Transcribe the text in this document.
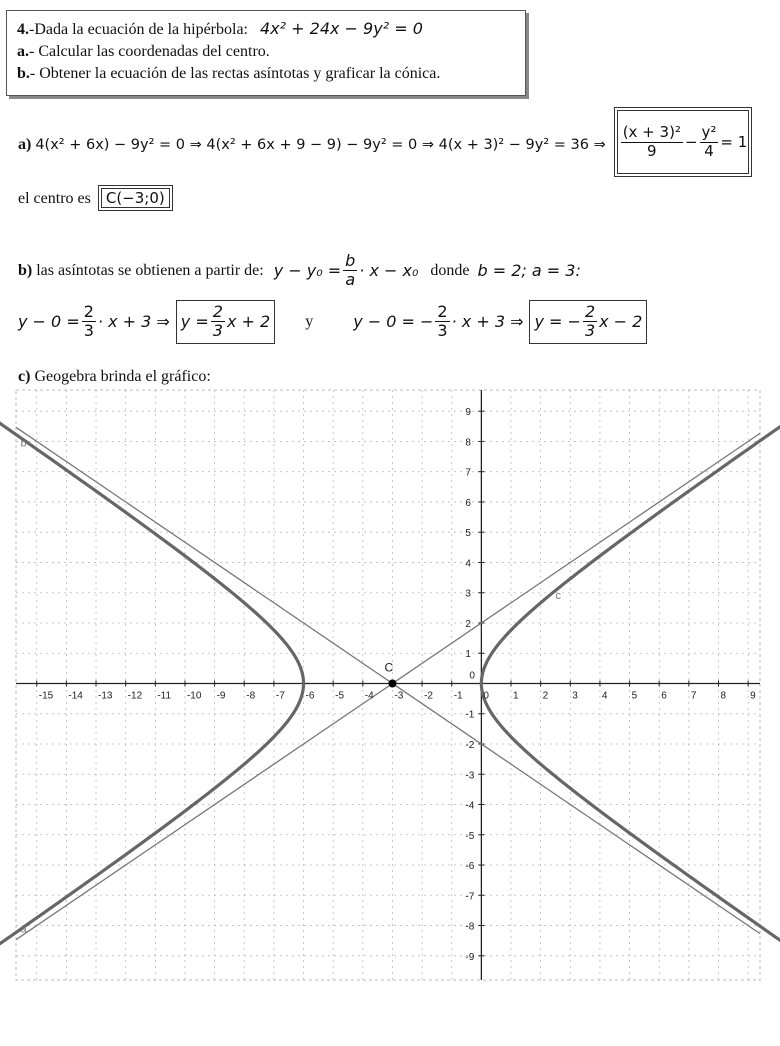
4.-Dada la ecuación de la hipérbola: 4x² + 24x − 9y² = 0
a.- Calcular las coordenadas del centro.
b.- Obtener la ecuación de las rectas asíntotas y graficar la cónica.
a) 4(x² + 6x) − 9y² = 0 ⇒ 4(x² + 6x + 9 − 9) − 9y² = 0 ⇒ 4(x + 3)² − 9y² = 36 ⇒ $\frac{\text{(x + 3)²}}{9} - \frac{\text{y²}}{4} = 1$
el centro es C(−3;0)
b) las asíntotas se obtienen a partir de: $y - y_0 = \frac{b}{a} \cdot x - x_0$ donde b = 2; a = 3:
$y - 0 = \frac{2}{3} \cdot x + 3$ ⇒ $y = \frac{2}{3}$ x + 2 y	y − 0 = − $\frac{2}{3} \cdot x + 3$ ⇒ y = − $\frac{2}{3}$ x − 2
c) Geogebra brinda el gráfico:
-15 -14 -13 -12 -11 -10 -9 -8 -7 -6 -5 -4 -3 -2 -1 0 1 2 3 4 5 6 7 8 9
9
8
7
6
5
4
3
2
1
0
-1
-2
-3
-4
-5
-6
-7
-8
-9
c
a
b
C
